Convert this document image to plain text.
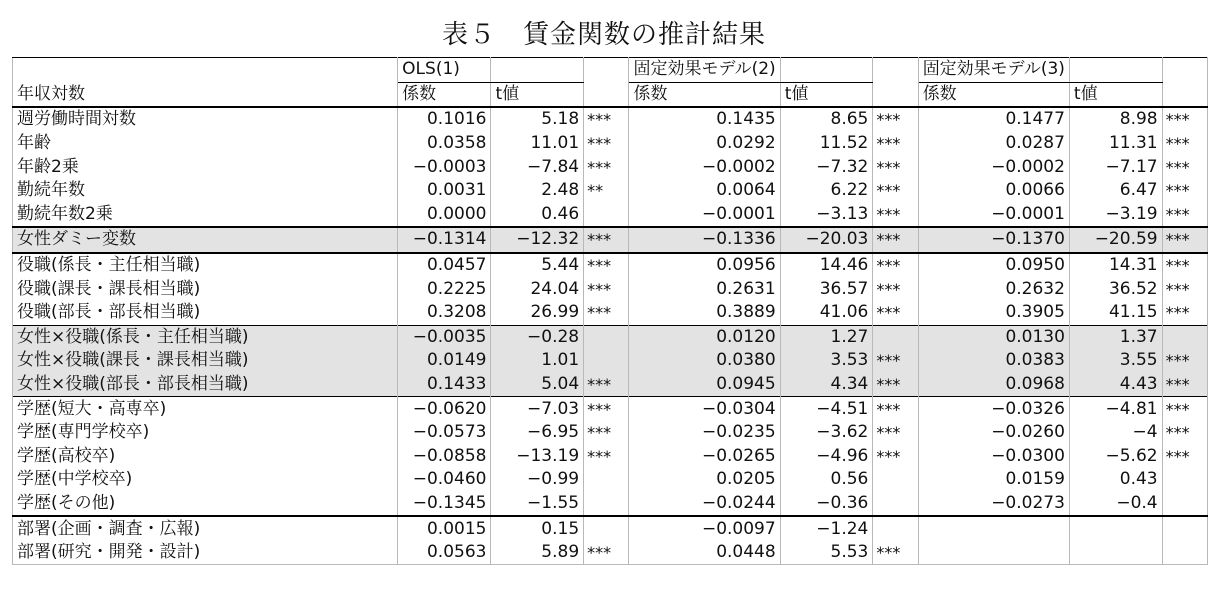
表５　賃金関数の推計結果
	OLS(1)			固定効果モデル(2)			固定効果モデル(3)		
年収対数	係数	t値		係数	t値		係数	t値	
週労働時間対数	0.1016	5.18	***	0.1435	8.65	***	0.1477	8.98	***
年齢	0.0358	11.01	***	0.0292	11.52	***	0.0287	11.31	***
年齢2乗	−0.0003	−7.84	***	−0.0002	−7.32	***	−0.0002	−7.17	***
勤続年数	0.0031	2.48	**	0.0064	6.22	***	0.0066	6.47	***
勤続年数2乗	0.0000	0.46		−0.0001	−3.13	***	−0.0001	−3.19	***
女性ダミー変数	−0.1314	−12.32	***	−0.1336	−20.03	***	−0.1370	−20.59	***
役職(係長・主任相当職)	0.0457	5.44	***	0.0956	14.46	***	0.0950	14.31	***
役職(課長・課長相当職)	0.2225	24.04	***	0.2631	36.57	***	0.2632	36.52	***
役職(部長・部長相当職)	0.3208	26.99	***	0.3889	41.06	***	0.3905	41.15	***
女性×役職(係長・主任相当職)	−0.0035	−0.28		0.0120	1.27		0.0130	1.37	
女性×役職(課長・課長相当職)	0.0149	1.01		0.0380	3.53	***	0.0383	3.55	***
女性×役職(部長・部長相当職)	0.1433	5.04	***	0.0945	4.34	***	0.0968	4.43	***
学歴(短大・高専卒)	−0.0620	−7.03	***	−0.0304	−4.51	***	−0.0326	−4.81	***
学歴(専門学校卒)	−0.0573	−6.95	***	−0.0235	−3.62	***	−0.0260	−4	***
学歴(高校卒)	−0.0858	−13.19	***	−0.0265	−4.96	***	−0.0300	−5.62	***
学歴(中学校卒)	−0.0460	−0.99		0.0205	0.56		0.0159	0.43	
学歴(その他)	−0.1345	−1.55		−0.0244	−0.36		−0.0273	−0.4	
部署(企画・調査・広報)	0.0015	0.15		−0.0097	−1.24				
部署(研究・開発・設計)	0.0563	5.89	***	0.0448	5.53	***			
